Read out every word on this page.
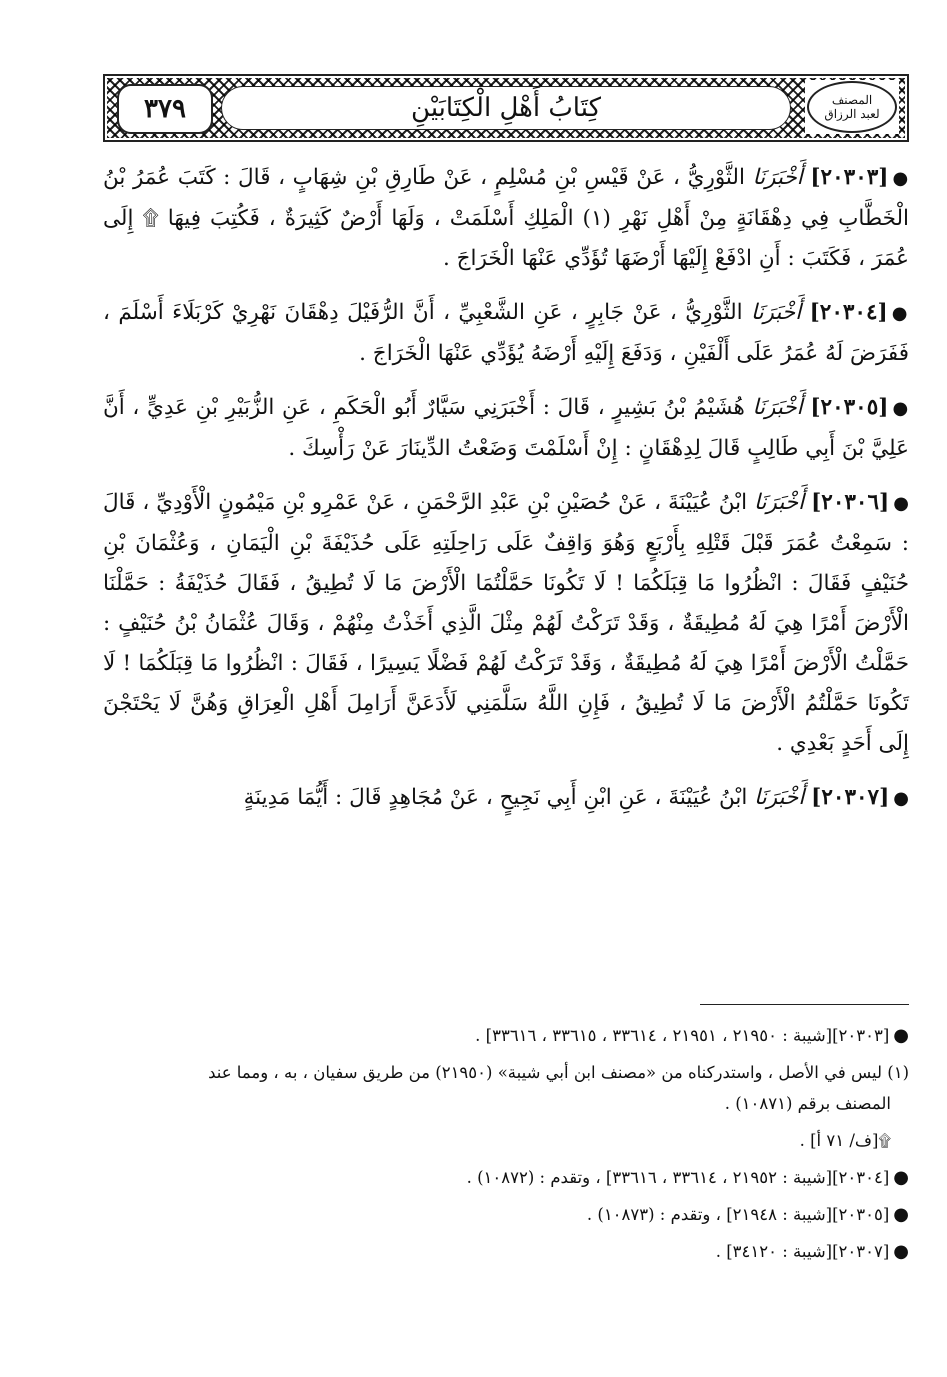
٣٧٩	كِتَابُ أَهْلِ الْكِتَابَيْنِ	المصنف
لعبد الرزاق

●[٢٠٣٠٣] أَخْبَرَنَا الثَّوْرِيُّ ، عَنْ قَيْسِ بْنِ مُسْلِمٍ ، عَنْ طَارِقِ بْنِ شِهَابٍ ، قَالَ : كَتَبَ عُمَرُ بْنُ الْخَطَّابِ فِي دِهْقَانَةٍ مِنْ أَهْلِ نَهْرِ (١) الْمَلِكِ أَسْلَمَتْ ، وَلَهَا أَرْضٌ كَثِيرَةٌ ، فَكُتِبَ فِيهَا ۩ إِلَى عُمَرَ ، فَكَتَبَ : أَنِ ادْفَعْ إِلَيْهَا أَرْضَهَا تُؤَدِّي عَنْهَا الْخَرَاجَ .

●[٢٠٣٠٤] أَخْبَرَنَا الثَّوْرِيُّ ، عَنْ جَابِرٍ ، عَنِ الشَّعْبِيِّ ، أَنَّ الرُّفَيْلَ دِهْقَانَ نَهْرِيْ كَرْبَلَاءَ أَسْلَمَ ، فَفَرَضَ لَهُ عُمَرُ عَلَى أَلْفَيْنِ ، وَدَفَعَ إِلَيْهِ أَرْضَهُ يُؤَدِّي عَنْهَا الْخَرَاجَ .

●[٢٠٣٠٥] أَخْبَرَنَا هُشَيْمُ بْنُ بَشِيرٍ ، قَالَ : أَخْبَرَنِي سَيَّارٌ أَبُو الْحَكَمِ ، عَنِ الزُّبَيْرِ بْنِ عَدِيٍّ ، أَنَّ عَلِيَّ بْنَ أَبِي طَالِبٍ قَالَ لِدِهْقَانٍ : إِنْ أَسْلَمْتَ وَضَعْتُ الدِّينَارَ عَنْ رَأْسِكَ .

●[٢٠٣٠٦] أَخْبَرَنَا ابْنُ عُيَيْنَةَ ، عَنْ حُصَيْنِ بْنِ عَبْدِ الرَّحْمَنِ ، عَنْ عَمْرِو بْنِ مَيْمُونٍ الْأَوْدِيِّ ، قَالَ : سَمِعْتُ عُمَرَ قَبْلَ قَتْلِهِ بِأَرْبَعٍ وَهُوَ وَاقِفٌ عَلَى رَاحِلَتِهِ عَلَى حُذَيْفَةَ بْنِ الْيَمَانِ ، وَعُثْمَانَ بْنِ حُنَيْفٍ فَقَالَ : انْظُرُوا مَا قِبَلَكُمَا ! لَا تَكُونَا حَمَّلْتُمَا الْأَرْضَ مَا لَا تُطِيقُ ، فَقَالَ حُذَيْفَةُ : حَمَّلْنَا الْأَرْضَ أَمْرًا هِيَ لَهُ مُطِيقَةٌ ، وَقَدْ تَرَكْتُ لَهُمْ مِثْلَ الَّذِي أَخَذْتُ مِنْهُمْ ، وَقَالَ عُثْمَانُ بْنُ حُنَيْفٍ : حَمَّلْتُ الْأَرْضَ أَمْرًا هِيَ لَهُ مُطِيقَةٌ ، وَقَدْ تَرَكْتُ لَهُمْ فَضْلًا يَسِيرًا ، فَقَالَ : انْظُرُوا مَا قِبَلَكُمَا ! لَا تَكُونَا حَمَّلْتُمُ الْأَرْضَ مَا لَا تُطِيقُ ، فَإِنِ اللَّهُ سَلَّمَنِي لَأَدَعَنَّ أَرَامِلَ أَهْلِ الْعِرَاقِ وَهُنَّ لَا يَحْتَجْنَ إِلَى أَحَدٍ بَعْدِي .

●[٢٠٣٠٧] أَخْبَرَنَا ابْنُ عُيَيْنَةَ ، عَنِ ابْنِ أَبِي نَجِيحٍ ، عَنْ مُجَاهِدٍ قَالَ : أَيُّمَا مَدِينَةٍ

●[٢٠٣٠٣][شيبة : ٢١٩٥٠ ، ٢١٩٥١ ، ٣٣٦١٤ ، ٣٣٦١٥ ، ٣٣٦١٦] .
(١) ليس في الأصل ، واستدركناه من «مصنف ابن أبي شيبة» (٢١٩٥٠) من طريق سفيان ، به ، ومما عند
المصنف برقم (١٠٨٧١) .
۩[ف/ ٧١ أ] .
●[٢٠٣٠٤][شيبة : ٢١٩٥٢ ، ٣٣٦١٤ ، ٣٣٦١٦] ، وتقدم : (١٠٨٧٢) .
●[٢٠٣٠٥][شيبة : ٢١٩٤٨] ، وتقدم : (١٠٨٧٣) .
●[٢٠٣٠٧][شيبة : ٣٤١٢٠] .
